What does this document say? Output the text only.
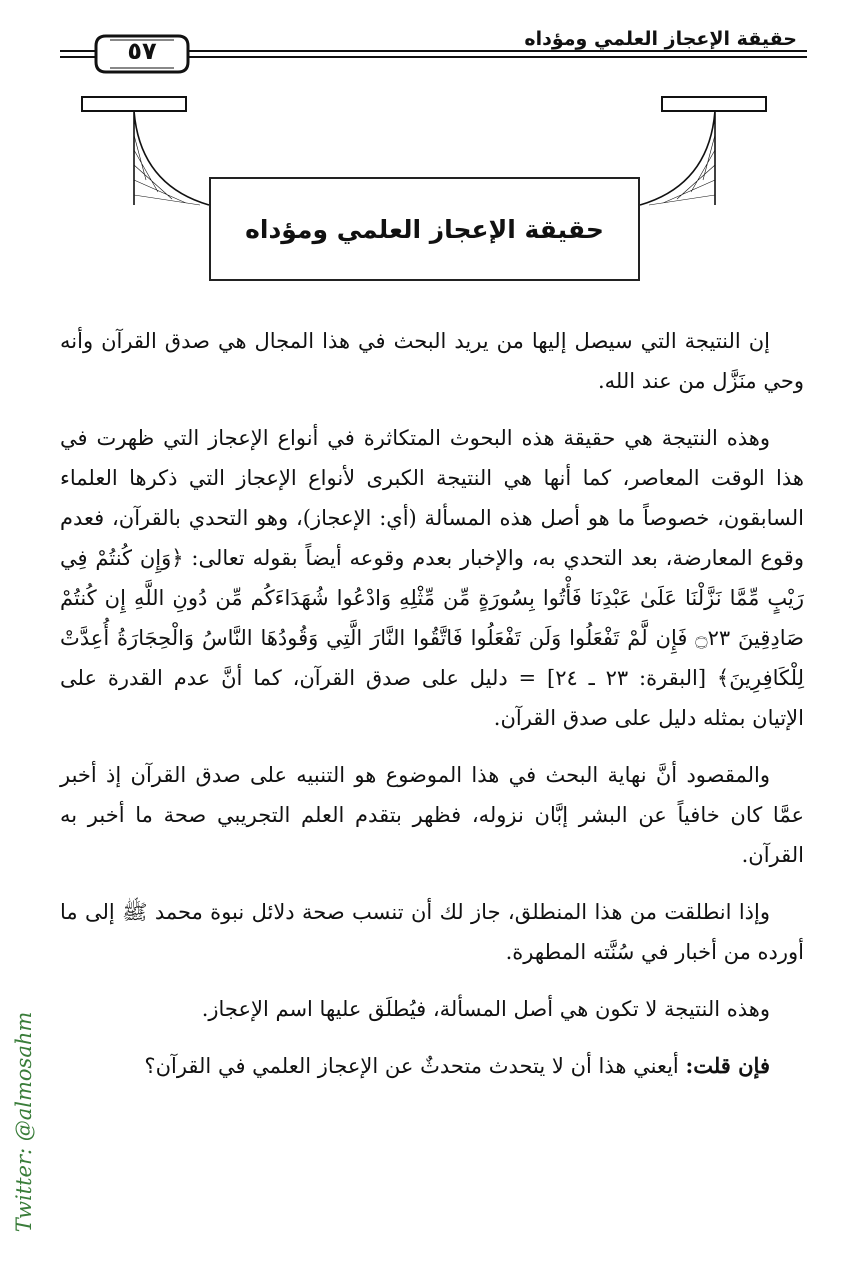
حقيقة الإعجاز العلمي ومؤداه
٥٧
حقيقة الإعجاز العلمي ومؤداه

إن النتيجة التي سيصل إليها من يريد البحث في هذا المجال هي صدق القرآن وأنه وحي منَزَّل من عند الله.

وهذه النتيجة هي حقيقة هذه البحوث المتكاثرة في أنواع الإعجاز التي ظهرت في هذا الوقت المعاصر، كما أنها هي النتيجة الكبرى لأنواع الإعجاز التي ذكرها العلماء السابقون، خصوصاً ما هو أصل هذه المسألة (أي: الإعجاز)، وهو التحدي بالقرآن، فعدم وقوع المعارضة، بعد التحدي به، والإخبار بعدم وقوعه أيضاً بقوله تعالى: ﴿وَإِن كُنتُمْ فِي رَيْبٍ مِّمَّا نَزَّلْنَا عَلَىٰ عَبْدِنَا فَأْتُوا بِسُورَةٍ مِّن مِّثْلِهِ وَادْعُوا شُهَدَاءَكُم مِّن دُونِ اللَّهِ إِن كُنتُمْ صَادِقِينَ ۝٢٣ فَإِن لَّمْ تَفْعَلُوا وَلَن تَفْعَلُوا فَاتَّقُوا النَّارَ الَّتِي وَقُودُهَا النَّاسُ وَالْحِجَارَةُ أُعِدَّتْ لِلْكَافِرِينَ﴾ [البقرة: ٢٣ ـ ٢٤] = دليل على صدق القرآن، كما أنَّ عدم القدرة على الإتيان بمثله دليل على صدق القرآن.

والمقصود أنَّ نهاية البحث في هذا الموضوع هو التنبيه على صدق القرآن إذ أخبر عمَّا كان خافياً عن البشر إبَّان نزوله، فظهر بتقدم العلم التجريبي صحة ما أخبر به القرآن.

وإذا انطلقت من هذا المنطلق، جاز لك أن تنسب صحة دلائل نبوة محمد ﷺ إلى ما أورده من أخبار في سُنَّته المطهرة.

وهذه النتيجة لا تكون هي أصل المسألة، فيُطلَق عليها اسم الإعجاز.

فإن قلت: أيعني هذا أن لا يتحدث متحدثٌ عن الإعجاز العلمي في القرآن؟

Twitter: @almosahm
